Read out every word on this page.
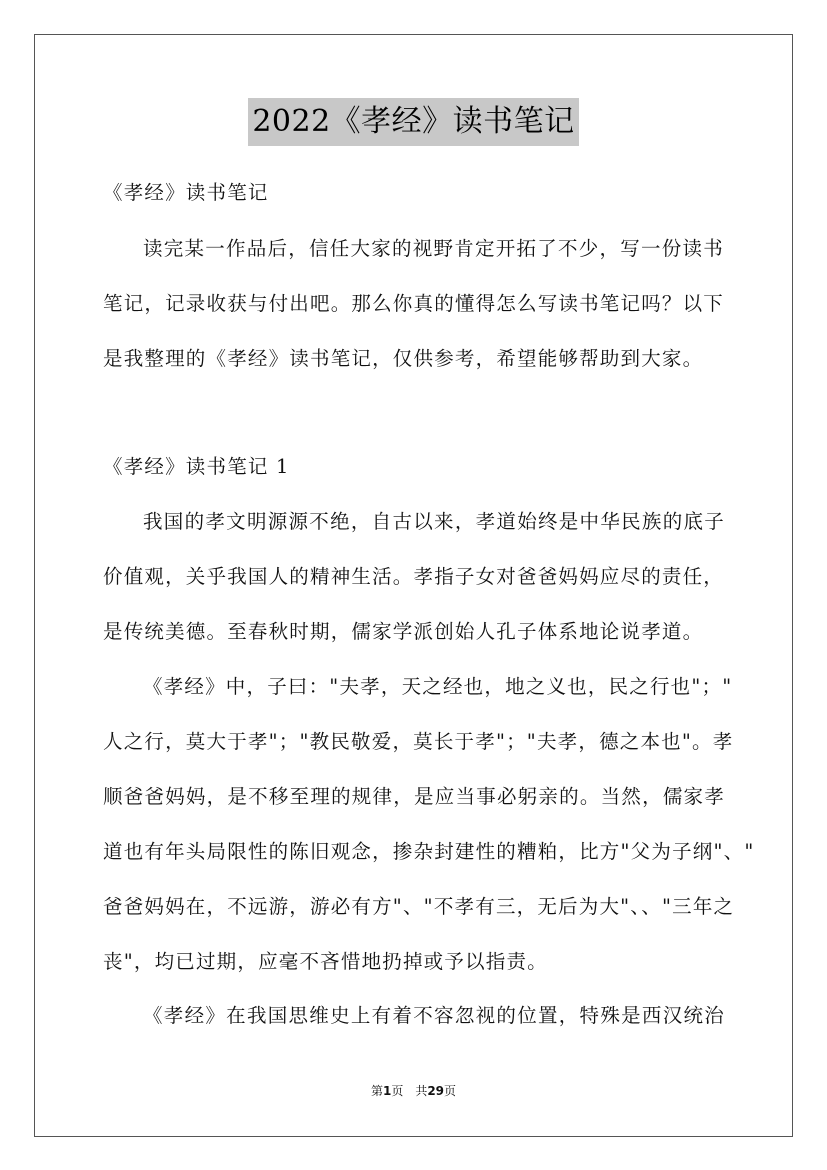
2022《孝经》读书笔记
《孝经》读书笔记
读完某一作品后，信任大家的视野肯定开拓了不少，写一份读书
笔记，记录收获与付出吧。那么你真的懂得怎么写读书笔记吗？以下
是我整理的《孝经》读书笔记，仅供参考，希望能够帮助到大家。
《孝经》读书笔记 1
我国的孝文明源源不绝，自古以来，孝道始终是中华民族的底子
价值观，关乎我国人的精神生活。孝指子女对爸爸妈妈应尽的责任，
是传统美德。至春秋时期，儒家学派创始人孔子体系地论说孝道。
《孝经》中，子曰："夫孝，天之经也，地之义也，民之行也"；"
人之行，莫大于孝"；"教民敬爱，莫长于孝"；"夫孝，德之本也"。孝
顺爸爸妈妈，是不移至理的规律，是应当事必躬亲的。当然，儒家孝
道也有年头局限性的陈旧观念，掺杂封建性的糟粕，比方"父为子纲"、"
爸爸妈妈在，不远游，游必有方"、"不孝有三，无后为大"、、"三年之
丧"，均已过期，应毫不吝惜地扔掉或予以指责。
《孝经》在我国思维史上有着不容忽视的位置，特殊是西汉统治
第1页　共29页
